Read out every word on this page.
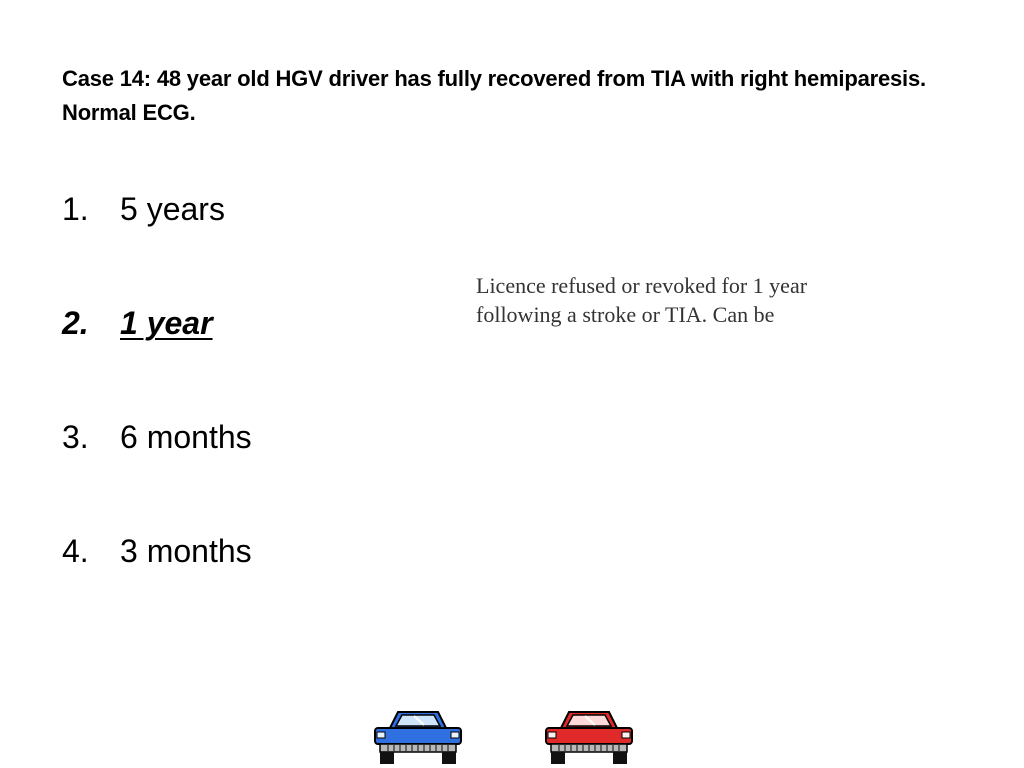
Case 14: 48 year old HGV driver has fully recovered from TIA with right hemiparesis. Normal ECG.
1. 5 years
2. 1 year
3. 6 months
4. 3 months
Licence refused or revoked for 1 year
following a stroke or TIA. Can be
